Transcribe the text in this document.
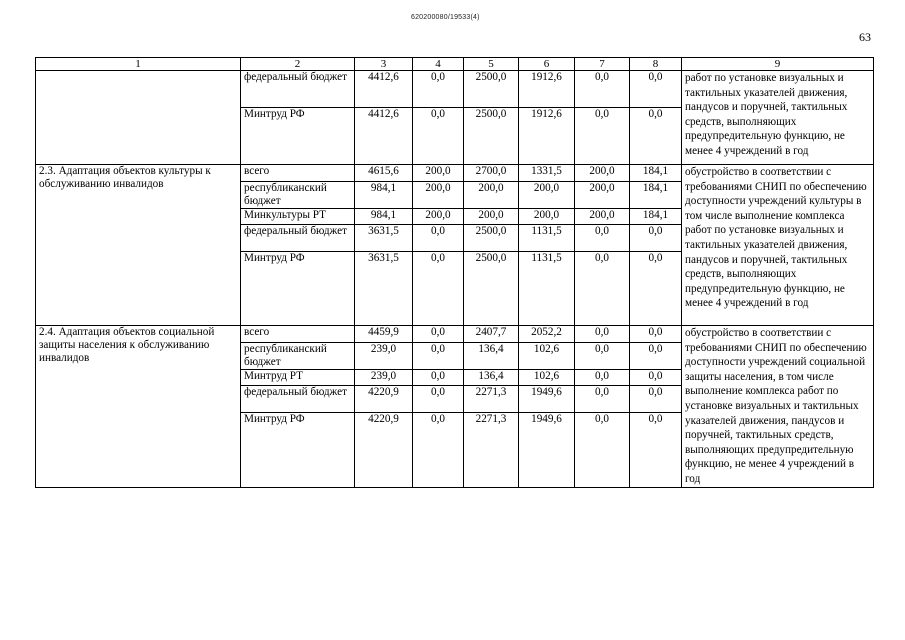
620200080/19533(4)
63
1	2	3	4	5	6	7	8	9
	федеральный бюджет	4412,6	0,0	2500,0	1912,6	0,0	0,0	работ по установке визуальных и тактильных указателей движения, пандусов и поручней, тактильных средств, выполняющих предупредительную функцию, не менее 4 учреждений в год
	Минтруд РФ	4412,6	0,0	2500,0	1912,6	0,0	0,0	
2.3. Адаптация объектов культуры к обслуживанию инвалидов	всего	4615,6	200,0	2700,0	1331,5	200,0	184,1	обустройство в соответствии с требованиями СНИП по обеспечению доступности учреждений культуры в том числе выполнение комплекса работ по установке визуальных и тактильных указателей движения, пандусов и поручней, тактильных средств, выполняющих предупредительную функцию, не менее 4 учреждений в год
	республиканский бюджет	984,1	200,0	200,0	200,0	200,0	184,1	
	Минкультуры РТ	984,1	200,0	200,0	200,0	200,0	184,1	
	федеральный бюджет	3631,5	0,0	2500,0	1131,5	0,0	0,0	
	Минтруд РФ	3631,5	0,0	2500,0	1131,5	0,0	0,0	
2.4. Адаптация объектов социальной защиты населения к обслуживанию инвалидов	всего	4459,9	0,0	2407,7	2052,2	0,0	0,0	обустройство в соответствии с требованиями СНИП по обеспечению доступности учреждений социальной защиты населения, в том числе выполнение комплекса работ по установке визуальных и тактильных указателей движения, пандусов и поручней, тактильных средств, выполняющих предупредительную функцию, не менее 4 учреждений в год
	республиканский бюджет	239,0	0,0	136,4	102,6	0,0	0,0	
	Минтруд РТ	239,0	0,0	136,4	102,6	0,0	0,0	
	федеральный бюджет	4220,9	0,0	2271,3	1949,6	0,0	0,0	
	Минтруд РФ	4220,9	0,0	2271,3	1949,6	0,0	0,0	
